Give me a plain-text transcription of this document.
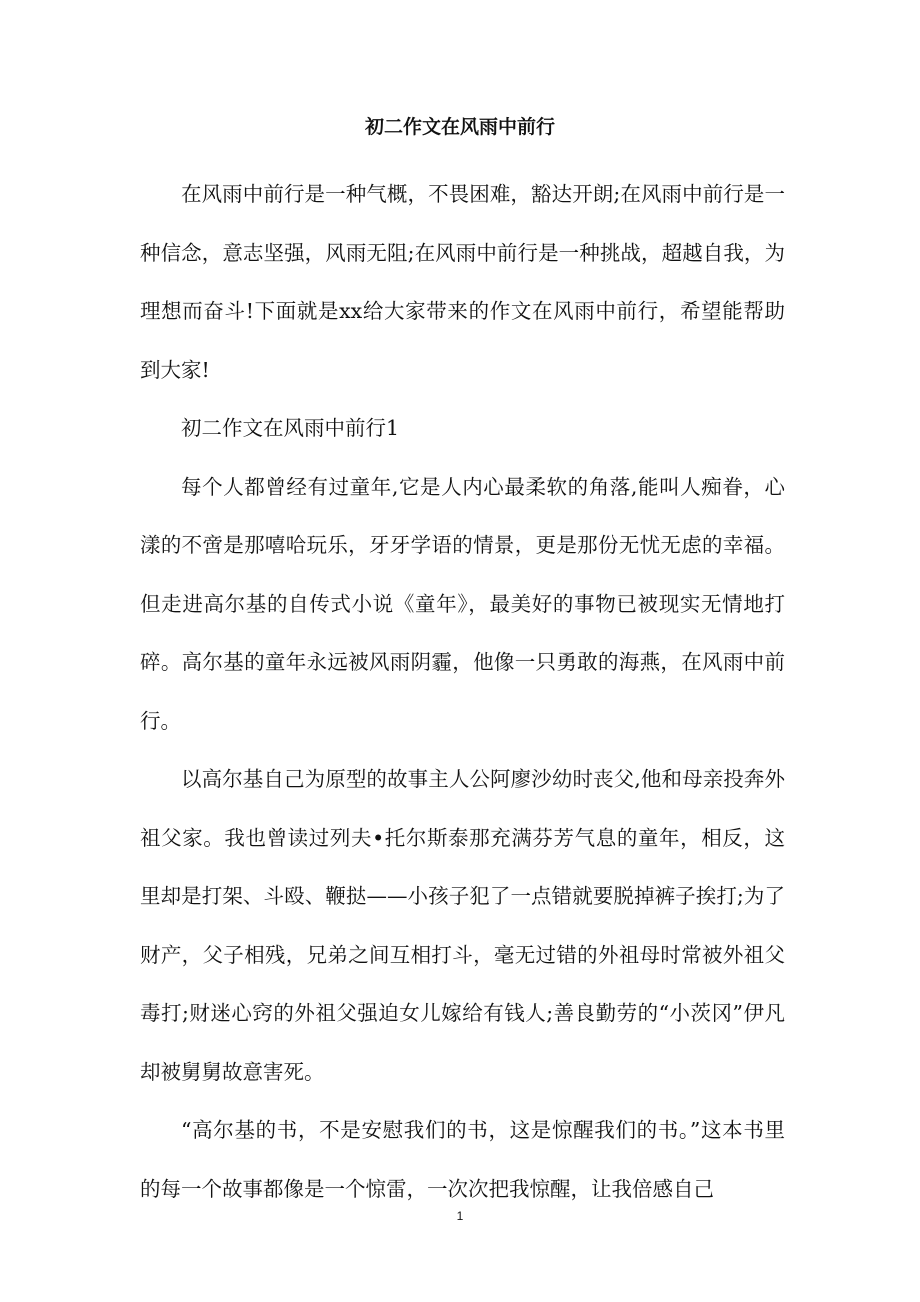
初二作文在风雨中前行

在风雨中前行是一种气概，不畏困难，豁达开朗;在风雨中前行是一种信念，意志坚强，风雨无阻;在风雨中前行是一种挑战，超越自我，为理想而奋斗!下面就是xx给大家带来的作文在风雨中前行，希望能帮助到大家!

初二作文在风雨中前行1

每个人都曾经有过童年,它是人内心最柔软的角落,能叫人痴眷，心漾的不啻是那嘻哈玩乐，牙牙学语的情景，更是那份无忧无虑的幸福。但走进高尔基的自传式小说《童年》，最美好的事物已被现实无情地打碎。高尔基的童年永远被风雨阴霾，他像一只勇敢的海燕，在风雨中前行。

以高尔基自己为原型的故事主人公阿廖沙幼时丧父,他和母亲投奔外祖父家。我也曾读过列夫•托尔斯泰那充满芬芳气息的童年，相反，这里却是打架、斗殴、鞭挞——小孩子犯了一点错就要脱掉裤子挨打;为了财产，父子相残，兄弟之间互相打斗，毫无过错的外祖母时常被外祖父毒打;财迷心窍的外祖父强迫女儿嫁给有钱人;善良勤劳的“小茨冈”伊凡却被舅舅故意害死。

“高尔基的书，不是安慰我们的书，这是惊醒我们的书。”这本书里的每一个故事都像是一个惊雷，一次次把我惊醒，让我倍感自己

1
